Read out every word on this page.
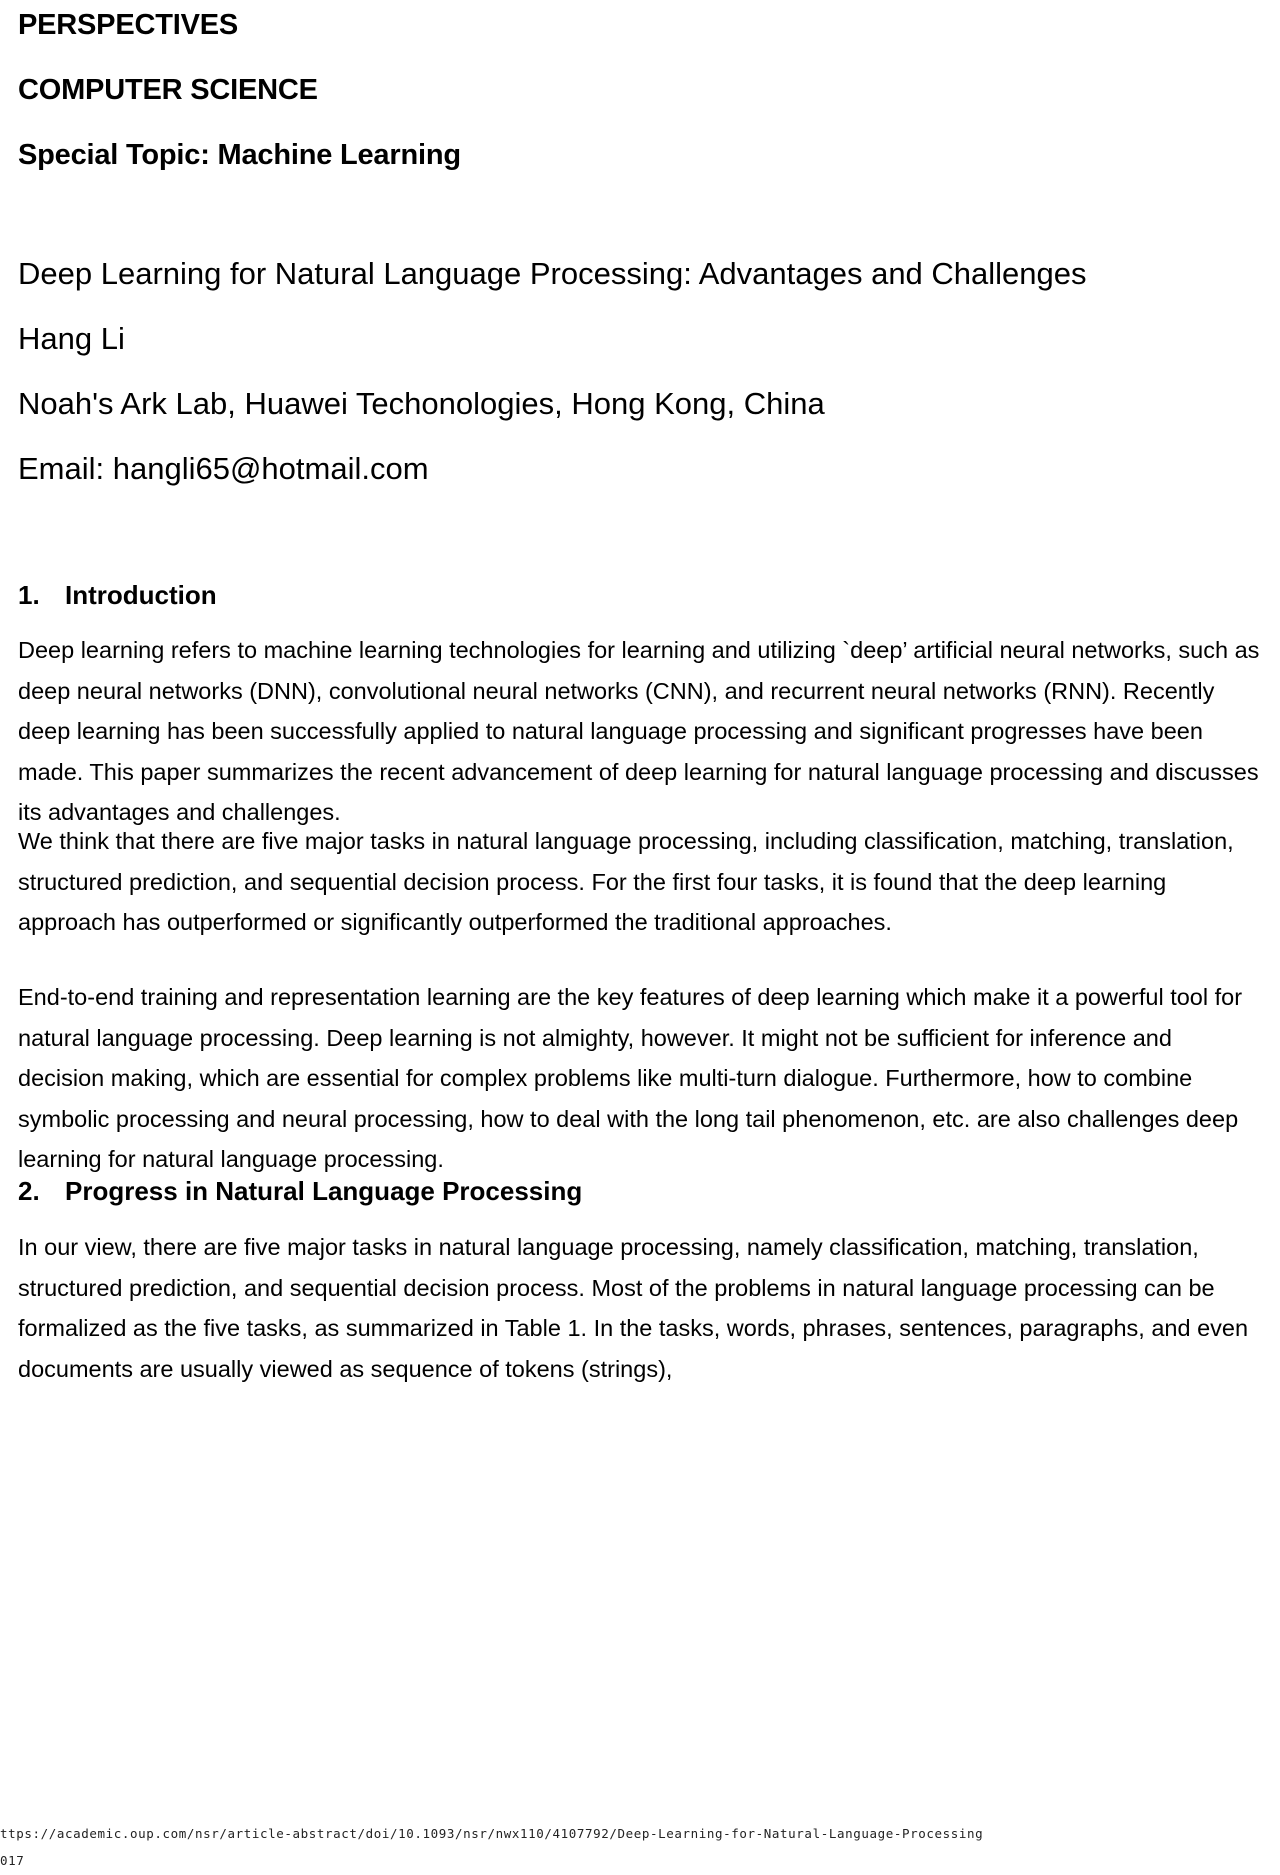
PERSPECTIVES
COMPUTER SCIENCE
Special Topic: Machine Learning
Deep Learning for Natural Language Processing: Advantages and Challenges
Hang Li
Noah's Ark Lab, Huawei Techonologies, Hong Kong, China
Email: hangli65@hotmail.com
1. Introduction

Deep learning refers to machine learning technologies for learning and utilizing `deep’ artificial neural networks, such as deep neural networks (DNN), convolutional neural networks (CNN), and recurrent neural networks (RNN). Recently deep learning has been successfully applied to natural language processing and significant progresses have been made. This paper summarizes the recent advancement of deep learning for natural language processing and discusses its advantages and challenges.

We think that there are five major tasks in natural language processing, including classification, matching, translation, structured prediction, and sequential decision process. For the first four tasks, it is found that the deep learning approach has outperformed or significantly outperformed the traditional approaches.

End-to-end training and representation learning are the key features of deep learning which make it a powerful tool for natural language processing. Deep learning is not almighty, however. It might not be sufficient for inference and decision making, which are essential for complex problems like multi-turn dialogue. Furthermore, how to combine symbolic processing and neural processing, how to deal with the long tail phenomenon, etc. are also challenges deep learning for natural language processing.

2. Progress in Natural Language Processing

In our view, there are five major tasks in natural language processing, namely classification, matching, translation, structured prediction, and sequential decision process. Most of the problems in natural language processing can be formalized as the five tasks, as summarized in Table 1. In the tasks, words, phrases, sentences, paragraphs, and even documents are usually viewed as sequence of tokens (strings),

ttps://academic.oup.com/nsr/article-abstract/doi/10.1093/nsr/nwx110/4107792/Deep-Learning-for-Natural-Language-Processing
017
